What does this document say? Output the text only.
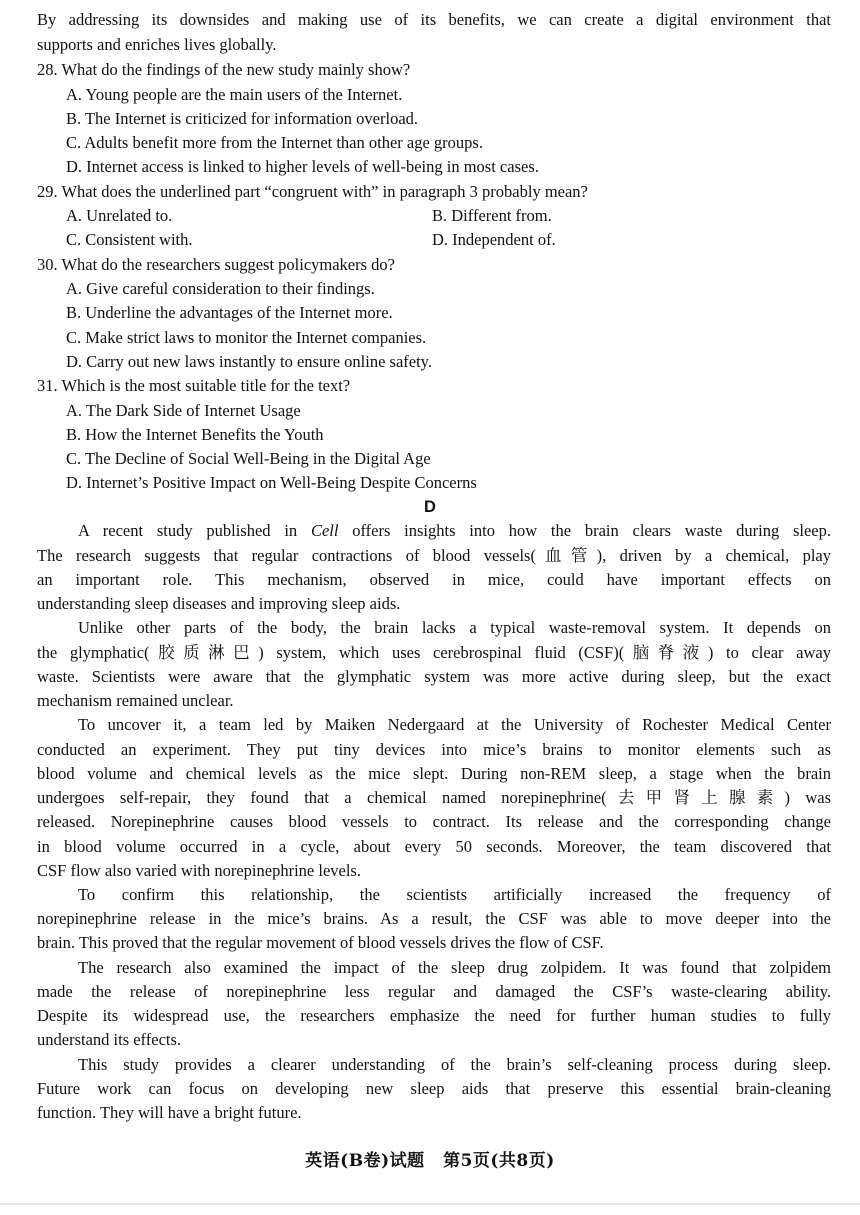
By addressing its downsides and making use of its benefits, we can create a digital environment that
supports and enriches lives globally.
28. What do the findings of the new study mainly show?
A. Young people are the main users of the Internet.
B. The Internet is criticized for information overload.
C. Adults benefit more from the Internet than other age groups.
D. Internet access is linked to higher levels of well-being in most cases.
29. What does the underlined part “congruent with” in paragraph 3 probably mean?
A. Unrelated to.	B. Different from.
C. Consistent with.	D. Independent of.
30. What do the researchers suggest policymakers do?
A. Give careful consideration to their findings.
B. Underline the advantages of the Internet more.
C. Make strict laws to monitor the Internet companies.
D. Carry out new laws instantly to ensure online safety.
31. Which is the most suitable title for the text?
A. The Dark Side of Internet Usage
B. How the Internet Benefits the Youth
C. The Decline of Social Well-Being in the Digital Age
D. Internet’s Positive Impact on Well-Being Despite Concerns
D
A recent study published in Cell offers insights into how the brain clears waste during sleep.
The research suggests that regular contractions of blood vessels(血管), driven by a chemical, play
an important role. This mechanism, observed in mice, could have important effects on
understanding sleep diseases and improving sleep aids.
Unlike other parts of the body, the brain lacks a typical waste-removal system. It depends on
the glymphatic(胶质淋巴) system, which uses cerebrospinal fluid (CSF)(脑脊液) to clear away
waste. Scientists were aware that the glymphatic system was more active during sleep, but the exact
mechanism remained unclear.
To uncover it, a team led by Maiken Nedergaard at the University of Rochester Medical Center
conducted an experiment. They put tiny devices into mice’s brains to monitor elements such as
blood volume and chemical levels as the mice slept. During non-REM sleep, a stage when the brain
undergoes self-repair, they found that a chemical named norepinephrine(去甲肾上腺素) was
released. Norepinephrine causes blood vessels to contract. Its release and the corresponding change
in blood volume occurred in a cycle, about every 50 seconds. Moreover, the team discovered that
CSF flow also varied with norepinephrine levels.
To confirm this relationship, the scientists artificially increased the frequency of
norepinephrine release in the mice’s brains. As a result, the CSF was able to move deeper into the
brain. This proved that the regular movement of blood vessels drives the flow of CSF.
The research also examined the impact of the sleep drug zolpidem. It was found that zolpidem
made the release of norepinephrine less regular and damaged the CSF’s waste-clearing ability.
Despite its widespread use, the researchers emphasize the need for further human studies to fully
understand its effects.
This study provides a clearer understanding of the brain’s self-cleaning process during sleep.
Future work can focus on developing new sleep aids that preserve this essential brain-cleaning
function. They will have a bright future.
英语(B卷)试题 第5页(共8页)
